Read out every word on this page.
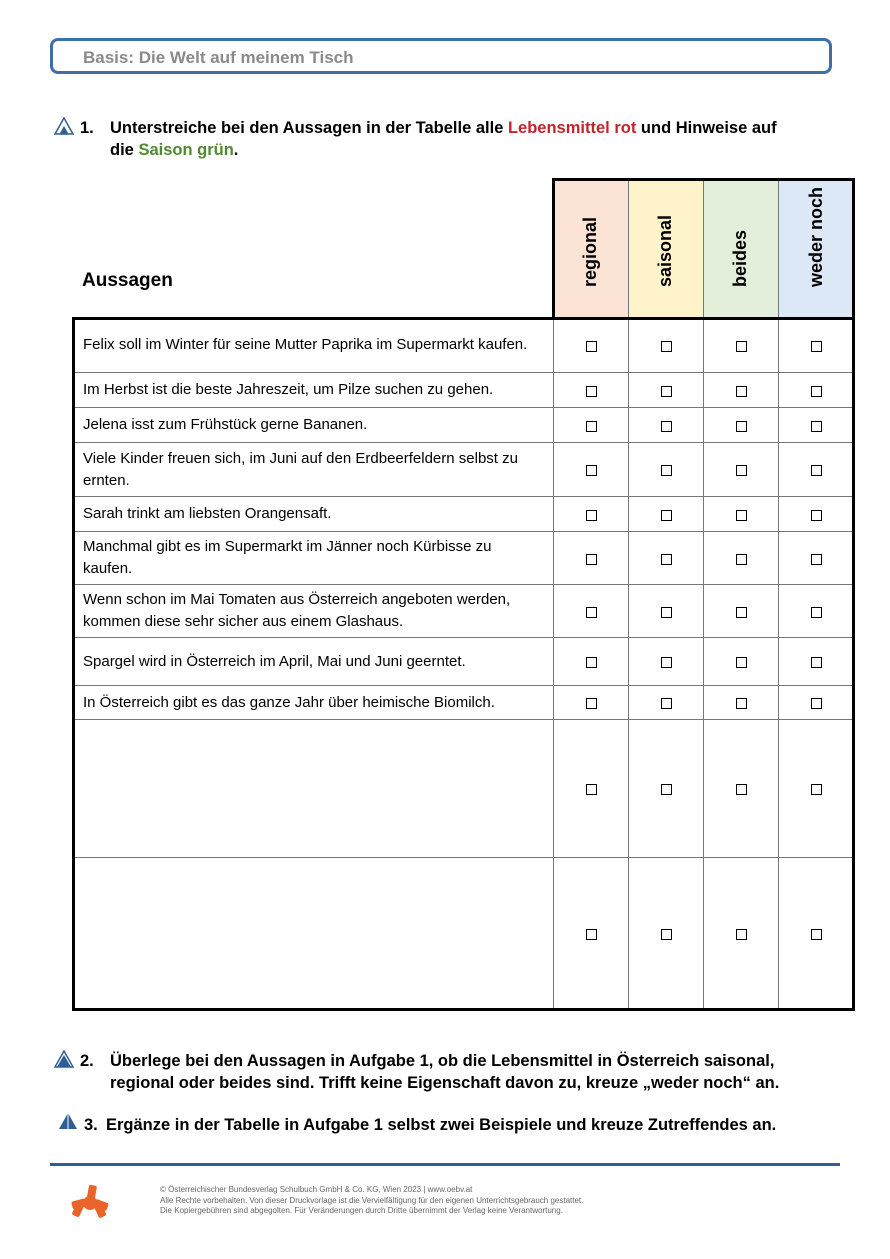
Basis: Die Welt auf meinem Tisch
1. Unterstreiche bei den Aussagen in der Tabelle alle Lebensmittel rot und Hinweise auf
die Saison grün.
Aussagen	regional	saisonal	beides	weder noch
Felix soll im Winter für seine Mutter Paprika im Supermarkt kaufen.
Im Herbst ist die beste Jahreszeit, um Pilze suchen zu gehen.
Jelena isst zum Frühstück gerne Bananen.
Viele Kinder freuen sich, im Juni auf den Erdbeerfeldern selbst zu ernten.
Sarah trinkt am liebsten Orangensaft.
Manchmal gibt es im Supermarkt im Jänner noch Kürbisse zu kaufen.
Wenn schon im Mai Tomaten aus Österreich angeboten werden, kommen diese sehr sicher aus einem Glashaus.
Spargel wird in Österreich im April, Mai und Juni geerntet.
In Österreich gibt es das ganze Jahr über heimische Biomilch.
2. Überlege bei den Aussagen in Aufgabe 1, ob die Lebensmittel in Österreich saisonal,
regional oder beides sind. Trifft keine Eigenschaft davon zu, kreuze „weder noch“ an.
3. Ergänze in der Tabelle in Aufgabe 1 selbst zwei Beispiele und kreuze Zutreffendes an.
© Österreichischer Bundesverlag Schulbuch GmbH & Co. KG, Wien 2023 | www.oebv.at
Alle Rechte vorbehalten. Von dieser Druckvorlage ist die Vervielfältigung für den eigenen Unterrichtsgebrauch gestattet.
Die Kopiergebühren sind abgegolten. Für Veränderungen durch Dritte übernimmt der Verlag keine Verantwortung.
